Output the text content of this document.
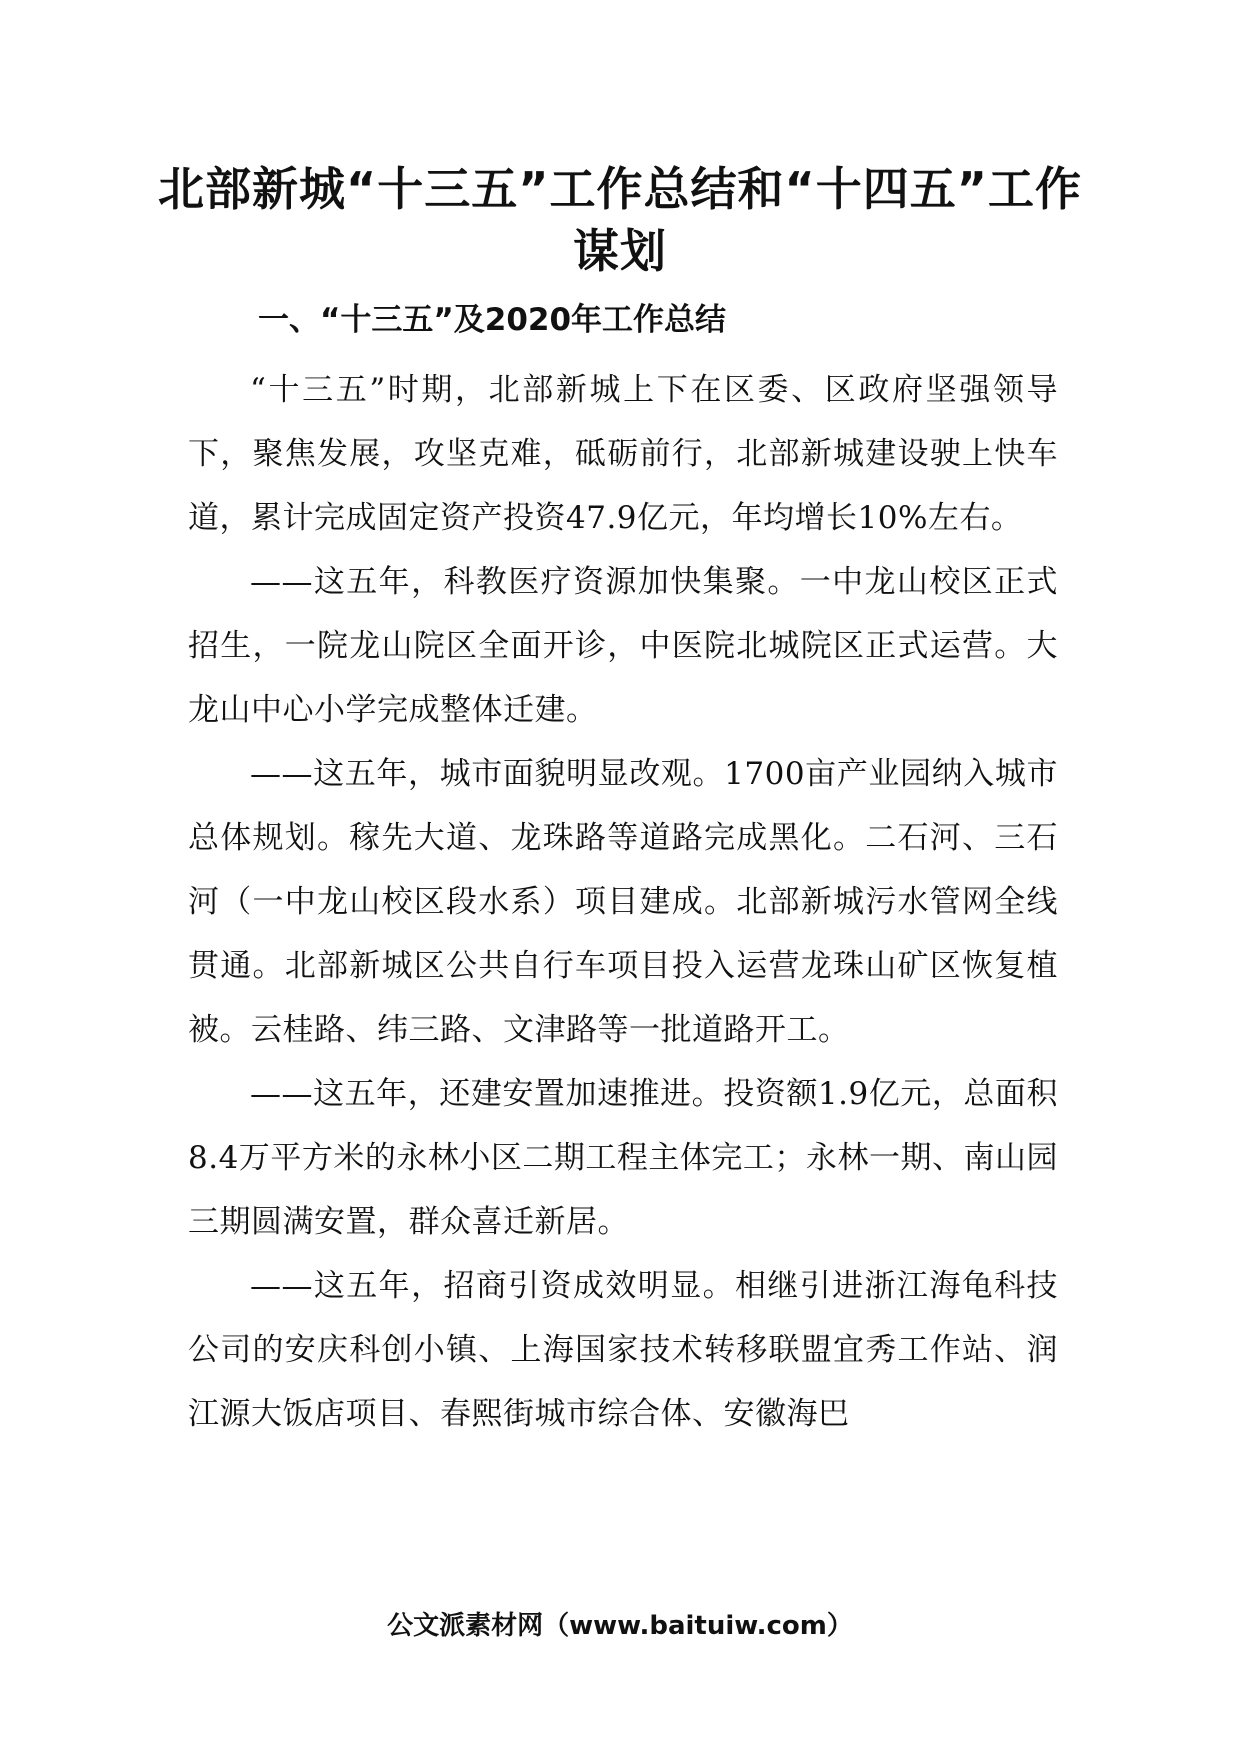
北部新城“十三五”工作总结和“十四五”工作谋划
一、“十三五”及2020年工作总结

“十三五”时期，北部新城上下在区委、区政府坚强领导下，聚焦发展，攻坚克难，砥砺前行，北部新城建设驶上快车道，累计完成固定资产投资47.9亿元，年均增长10%左右。

——这五年，科教医疗资源加快集聚。一中龙山校区正式招生，一院龙山院区全面开诊，中医院北城院区正式运营。大龙山中心小学完成整体迁建。

——这五年，城市面貌明显改观。1700亩产业园纳入城市总体规划。稼先大道、龙珠路等道路完成黑化。二石河、三石河（一中龙山校区段水系）项目建成。北部新城污水管网全线贯通。北部新城区公共自行车项目投入运营龙珠山矿区恢复植被。云桂路、纬三路、文津路等一批道路开工。

——这五年，还建安置加速推进。投资额1.9亿元，总面积8.4万平方米的永林小区二期工程主体完工；永林一期、南山园三期圆满安置，群众喜迁新居。

——这五年，招商引资成效明显。相继引进浙江海龟科技公司的安庆科创小镇、上海国家技术转移联盟宜秀工作站、润江源大饭店项目、春熙街城市综合体、安徽海巴

公文派素材网（www.baituiw.com）
